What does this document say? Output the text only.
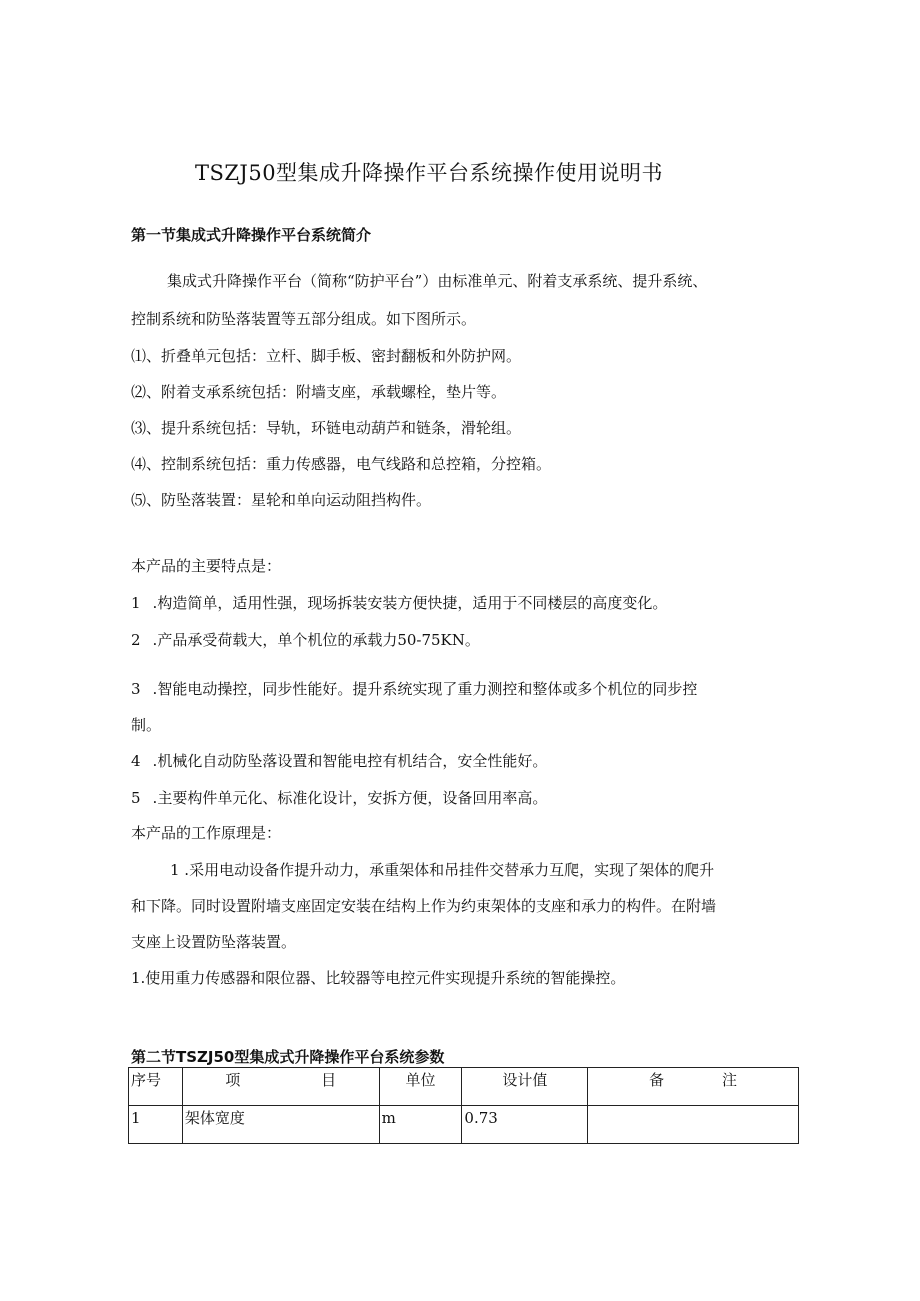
TSZJ50型集成升降操作平台系统操作使用说明书
第一节集成式升降操作平台系统简介
集成式升降操作平台（简称“防护平台”）由标准单元、附着支承系统、提升系统、
控制系统和防坠落装置等五部分组成。如下图所示。
⑴、折叠单元包括：立杆、脚手板、密封翻板和外防护网。
⑵、附着支承系统包括：附墙支座，承载螺栓，垫片等。
⑶、提升系统包括：导轨，环链电动葫芦和链条，滑轮组。
⑷、控制系统包括：重力传感器，电气线路和总控箱，分控箱。
⑸、防坠落装置：星轮和单向运动阻挡构件。
本产品的主要特点是：
1 .构造简单，适用性强，现场拆装安装方便快捷，适用于不同楼层的高度变化。
2 .产品承受荷载大，单个机位的承载力50-75KN。
3 .智能电动操控，同步性能好。提升系统实现了重力测控和整体或多个机位的同步控
制。
4 .机械化自动防坠落设置和智能电控有机结合，安全性能好。
5 .主要构件单元化、标准化设计，安拆方便，设备回用率高。
本产品的工作原理是：
1 .采用电动设备作提升动力，承重架体和吊挂件交替承力互爬，实现了架体的爬升
和下降。同时设置附墙支座固定安装在结构上作为约束架体的支座和承力的构件。在附墙
支座上设置防坠落装置。
1.使用重力传感器和限位器、比较器等电控元件实现提升系统的智能操控。
第二节TSZJ50型集成式升降操作平台系统参数
序号	项 目	单位	设计值	备 注

1	架体宽度	m	0.73	
